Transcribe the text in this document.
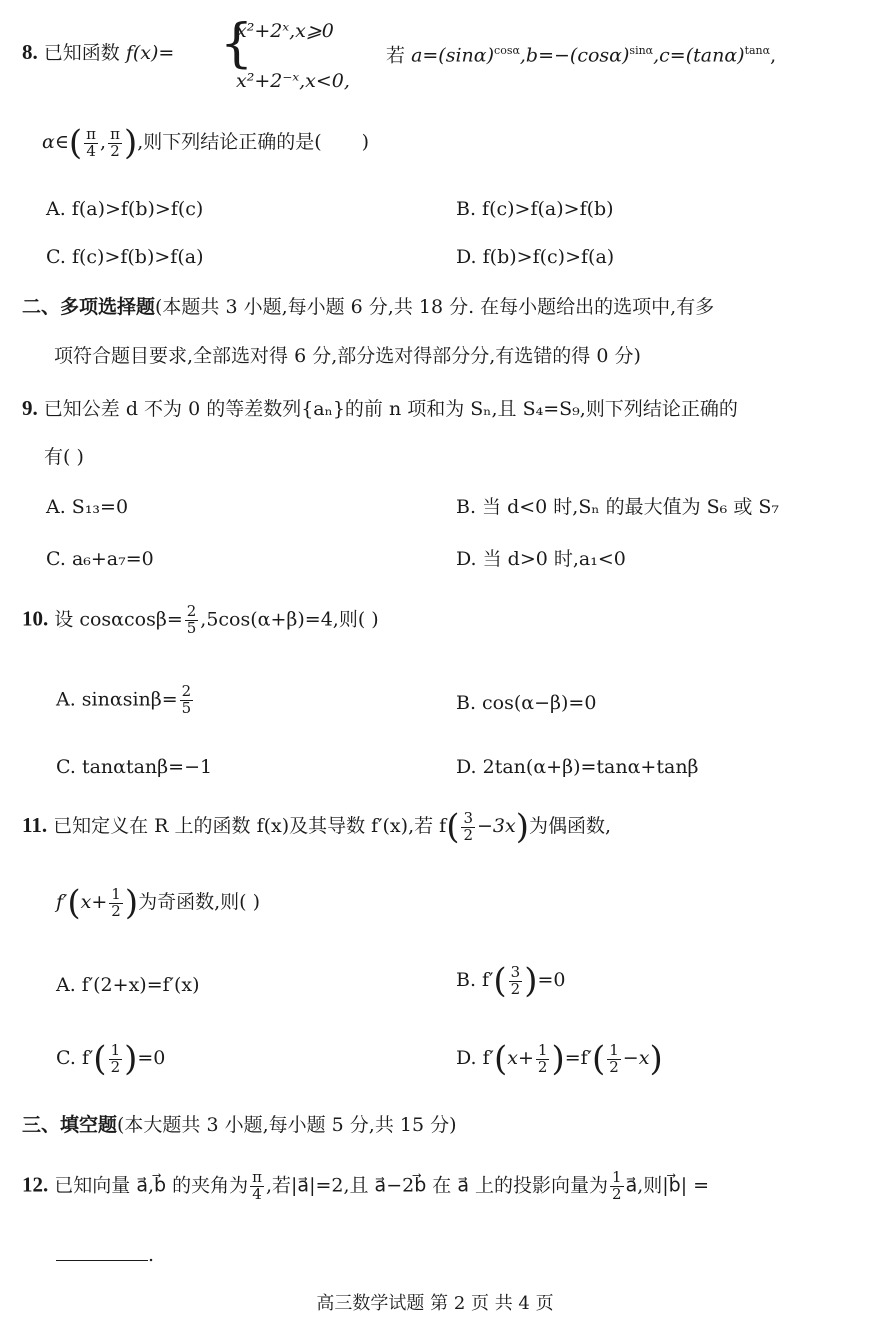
8. 已知函数 f(x)= {
x²+2ˣ,x⩾0
x²+2⁻ˣ,x<0,
若 $a=(\sin\alpha)^{cos\alpha},b=-(\cos\alpha)^{sin\alpha},c=(\tan\alpha)^{tan\alpha}$,
α∈( $\frac{\pi}{4}$ , $\frac{\pi}{2}$ ),则下列结论正确的是( )
A. f(a)>f(b)>f(c)	B. f(c)>f(a)>f(b)
C. f(c)>f(b)>f(a)	D. f(b)>f(c)>f(a)
二、多项选择题(本题共 3 小题,每小题 6 分,共 18 分. 在每小题给出的选项中,有多
项符合题目要求,全部选对得 6 分,部分选对得部分分,有选错的得 0 分)
9. 已知公差 d 不为 0 的等差数列{aₙ}的前 n 项和为 Sₙ,且 S₄=S₉,则下列结论正确的
有( )
A. S₁₃=0	B. 当 d<0 时,Sₙ 的最大值为 S₆ 或 S₇
C. a₆+a₇=0	D. 当 d>0 时,a₁<0
10. 设 $\cos\alpha\cos\beta= \frac{2}{5} ,5\cos(\alpha+\beta)=4$,则( )
A. $\sin\alpha\sin\beta= \frac{2}{5}$	B. cos(α−β)=0
C. tanαtanβ=−1	D. 2tan(α+β)=tanα+tanβ
11. 已知定义在 R 上的函数 f(x)及其导数 f′(x),若 $f( \frac{3}{2} -3x)$为偶函数,
$f'(x+ \frac{1}{2}$ )为奇函数,则( )
A. f′(2+x)=f′(x)	B. $f'( \frac{3}{2} )=0$
C. $f'( \frac{1}{2} )=0$	D. $f'(x+ \frac{1}{2} )=f'( \frac{1}{2} -x)$
三、填空题(本大题共 3 小题,每小题 5 分,共 15 分)
12. 已知向量 a⃗,b⃗ 的夹角为 $\frac{\pi}{4}$ ,若|a⃗|=2,且 a⃗−2b⃗ 在 a⃗ 上的投影向量为 $\frac{1}{2}$ a⃗,则|b⃗| =
.
高三数学试题 第 2 页 共 4 页
